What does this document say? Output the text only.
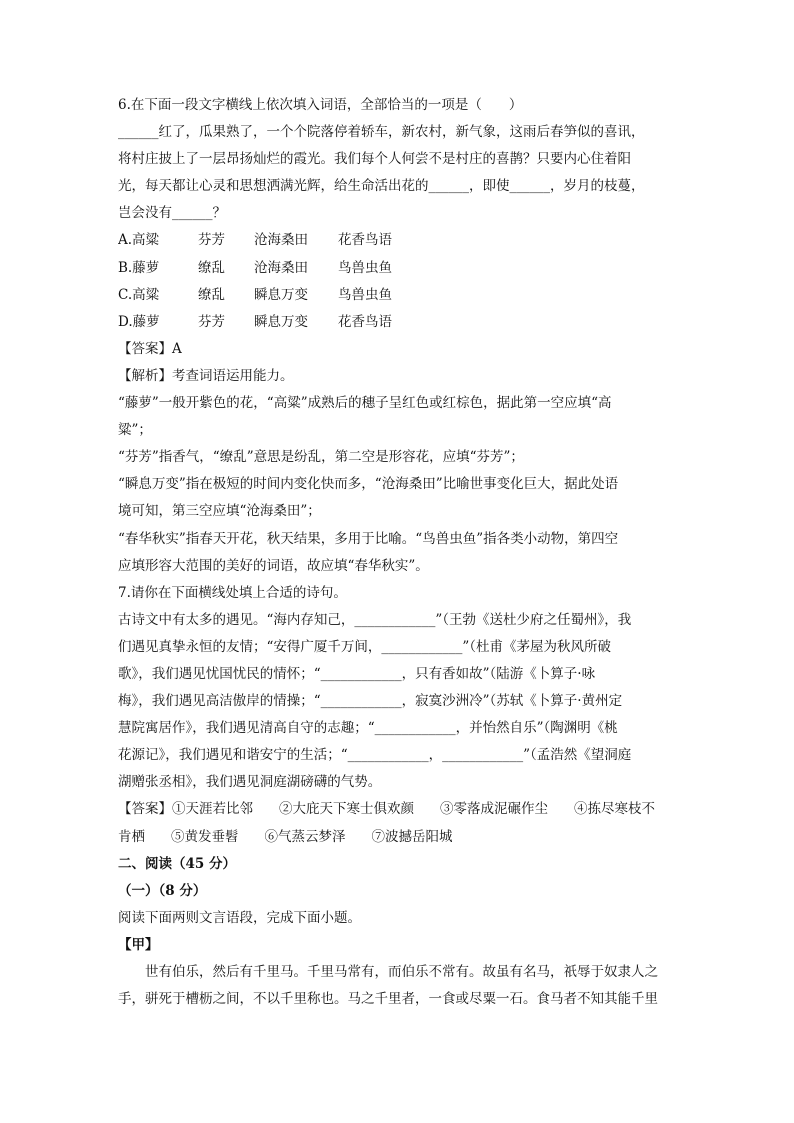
6.在下面一段文字横线上依次填入词语，全部恰当的一项是（　　）
______红了，瓜果熟了，一个个院落停着轿车，新农村，新气象，这雨后春笋似的喜讯，
将村庄披上了一层昂扬灿烂的霞光。我们每个人何尝不是村庄的喜鹊？只要内心住着阳
光，每天都让心灵和思想洒满光辉，给生命活出花的______，即使______，岁月的枝蔓，
岂会没有______？
A.高粱	芬芳 沧海桑田 花香鸟语
B.藤萝	缭乱 沧海桑田 鸟兽虫鱼
C.高粱	缭乱 瞬息万变 鸟兽虫鱼
D.藤萝	芬芳 瞬息万变 花香鸟语
【答案】A
【解析】考查词语运用能力。
“藤萝”一般开紫色的花，“高粱”成熟后的穗子呈红色或红棕色，据此第一空应填“高
粱”；
“芬芳”指香气，“缭乱”意思是纷乱，第二空是形容花，应填“芬芳”；
“瞬息万变”指在极短的时间内变化快而多，“沧海桑田”比喻世事变化巨大，据此处语
境可知，第三空应填“沧海桑田”；
“春华秋实”指春天开花，秋天结果，多用于比喻。“鸟兽虫鱼”指各类小动物，第四空
应填形容大范围的美好的词语，故应填“春华秋实”。
7.请你在下面横线处填上合适的诗句。
古诗文中有太多的遇见。“海内存知己，____________”（王勃《送杜少府之任蜀州》，我
们遇见真挚永恒的友情；“安得广厦千万间，____________”（杜甫《茅屋为秋风所破
歌》，我们遇见忧国忧民的情怀；“____________，只有香如故”（陆游《卜算子·咏
梅》，我们遇见高洁傲岸的情操；“____________，寂寞沙洲冷”（苏轼《卜算子·黄州定
慧院寓居作》，我们遇见清高自守的志趣；“____________，并怡然自乐”（陶渊明《桃
花源记》，我们遇见和谐安宁的生活；“____________，____________”（孟浩然《望洞庭
湖赠张丞相》，我们遇见洞庭湖磅礴的气势。
【答案】①天涯若比邻 ②大庇天下寒士俱欢颜 ③零落成泥碾作尘 ④拣尽寒枝不
肯栖 ⑤黄发垂髫 ⑥气蒸云梦泽 ⑦波撼岳阳城
二、阅读（45 分）
（一）（8 分）
阅读下面两则文言语段，完成下面小题。
【甲】
世有伯乐，然后有千里马。千里马常有，而伯乐不常有。故虽有名马，祇辱于奴隶人之
手，骈死于槽枥之间，不以千里称也。马之千里者，一食或尽粟一石。食马者不知其能千里
